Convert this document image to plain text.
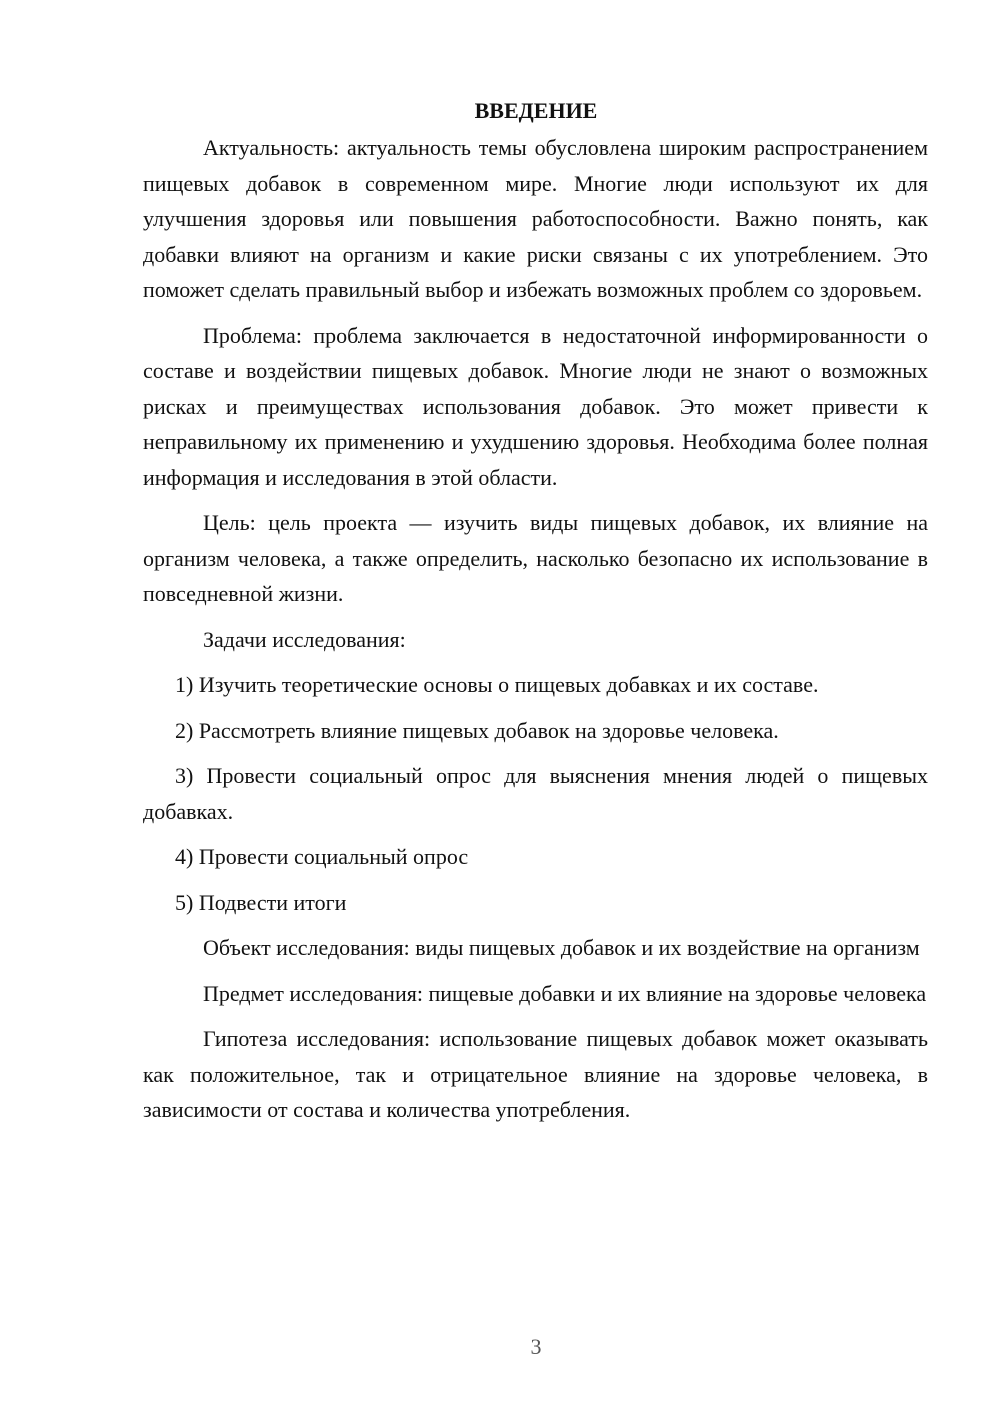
ВВЕДЕНИЕ

Актуальность: актуальность темы обусловлена широким распространением пищевых добавок в современном мире. Многие люди используют их для улучшения здоровья или повышения работоспособности. Важно понять, как добавки влияют на организм и какие риски связаны с их употреблением. Это поможет сделать правильный выбор и избежать возможных проблем со здоровьем.

Проблема: проблема заключается в недостаточной информированности о составе и воздействии пищевых добавок. Многие люди не знают о возможных рисках и преимуществах использования добавок. Это может привести к неправильному их применению и ухудшению здоровья. Необходима более полная информация и исследования в этой области.

Цель: цель проекта — изучить виды пищевых добавок, их влияние на организм человека, а также определить, насколько безопасно их использование в повседневной жизни.

Задачи исследования:

1) Изучить теоретические основы о пищевых добавках и их составе.

2) Рассмотреть влияние пищевых добавок на здоровье человека.

3) Провести социальный опрос для выяснения мнения людей о пищевых добавках.

4) Провести социальный опрос

5) Подвести итоги

Объект исследования: виды пищевых добавок и их воздействие на организм

Предмет исследования: пищевые добавки и их влияние на здоровье человека

Гипотеза исследования: использование пищевых добавок может оказывать как положительное, так и отрицательное влияние на здоровье человека, в зависимости от состава и количества употребления.

3
